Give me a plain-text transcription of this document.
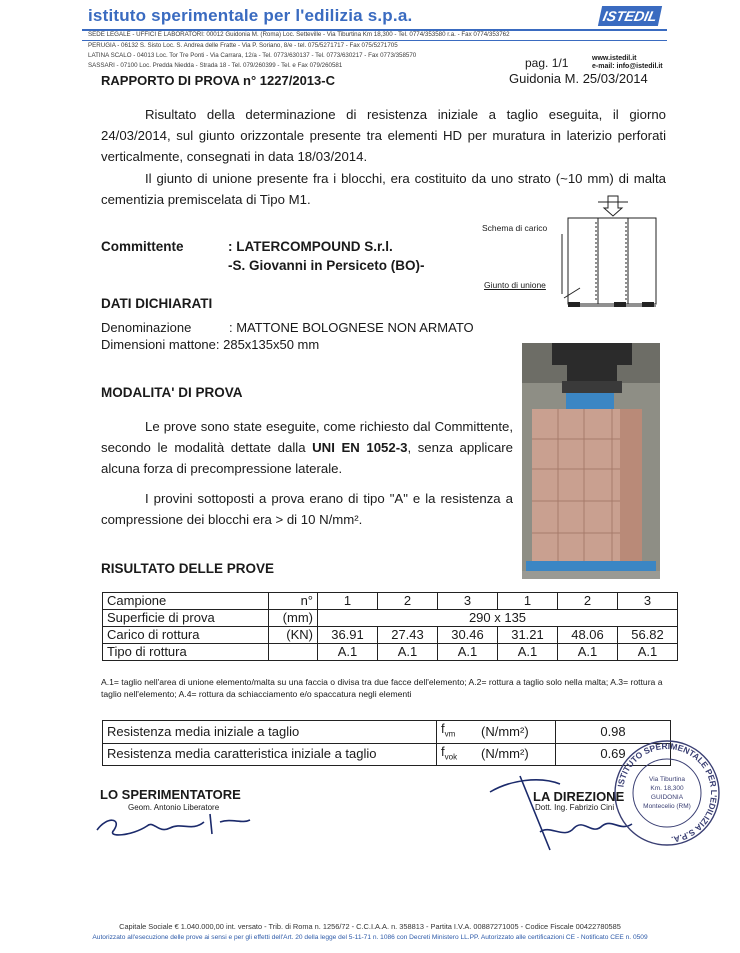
istituto sperimentale per l'edilizia s.p.a.	ISTEDIL
SEDE LEGALE - UFFICI E LABORATORI: 00012 Guidonia M. (Roma) Loc. Setteville - Via Tiburtina Km 18,300 - Tel. 0774/353580 r.a. - Fax 0774/353762
PERUGIA - 06132 S. Sisto Loc. S. Andrea delle Fratte - Via P. Soriano, 8/e - tel. 075/5271717 - Fax 075/5271705
LATINA SCALO - 04013 Loc. Tor Tre Ponti - Via Carrara, 12/a - Tel. 0773/630137 - Tel. 0773/630217 - Fax 0773/358570
SASSARI - 07100 Loc. Predda Niedda - Strada 18 - Tel. 079/260399 - Tel. e Fax 079/260581	pag. 1/1	www.istedil.it
e-mail: info@istedil.it
RAPPORTO DI PROVA n° 1227/2013-C	Guidonia M. 25/03/2014
Risultato della determinazione di resistenza iniziale a taglio eseguita, il giorno 24/03/2014, sul giunto orizzontale presente tra elementi HD per muratura in laterizio perforati verticalmente, consegnati in data 18/03/2014.
Il giunto di unione presente fra i blocchi, era costituito da uno strato (~10 mm) di malta cementizia premiscelata di Tipo M1.
Schema di carico
Giunto di unione
Committente	: LATERCOMPOUND S.r.l.
-S. Giovanni in Persiceto (BO)-
DATI DICHIARATI
Denominazione	: MATTONE BOLOGNESE NON ARMATO
Dimensioni mattone: 285x135x50 mm
MODALITA' DI PROVA
Le prove sono state eseguite, come richiesto dal Committente, secondo le modalità dettate dalla UNI EN 1052-3, senza applicare alcuna forza di precompressione laterale.
I provini sottoposti a prova erano di tipo "A" e la resistenza a compressione dei blocchi era > di 10 N/mm².
RISULTATO DELLE PROVE
Campione	n°	1	2	3	1	2	3
Superficie di prova	(mm)	290 x 135					
Carico di rottura	(KN)	36.91	27.43	30.46	31.21	48.06	56.82
Tipo di rottura		A.1	A.1	A.1	A.1	A.1	A.1
A.1= taglio nell'area di unione elemento/malta su una faccia o divisa tra due facce dell'elemento; A.2= rottura a taglio solo nella malta; A.3= rottura a taglio nell'elemento; A.4= rottura da schiacciamento e/o spaccatura negli elementi
Resistenza media iniziale a taglio	$f_{vm}$	(N/mm²)	0.98
Resistenza media caratteristica iniziale a taglio	$f_{vok}$	(N/mm²)	0.69
LO SPERIMENTATORE
Geom. Antonio Liberatore
LA DIREZIONE
Dott. Ing. Fabrizio Cini
ISTITUTO SPERIMENTALE PER L'EDILIZIA S.P.A.
Via Tiburtina
Km. 18,300
GUIDONIA
Montecelio (RM)
Capitale Sociale € 1.040.000,00 int. versato - Trib. di Roma n. 1256/72 - C.C.I.A.A. n. 358813 - Partita I.V.A. 00887271005 - Codice Fiscale 00422780585
Autorizzato all'esecuzione delle prove ai sensi e per gli effetti dell'Art. 20 della legge del 5-11-71 n. 1086 con Decreti Ministero LL.PP. Autorizzato alle certificazioni CE - Notificato CEE n. 0509
